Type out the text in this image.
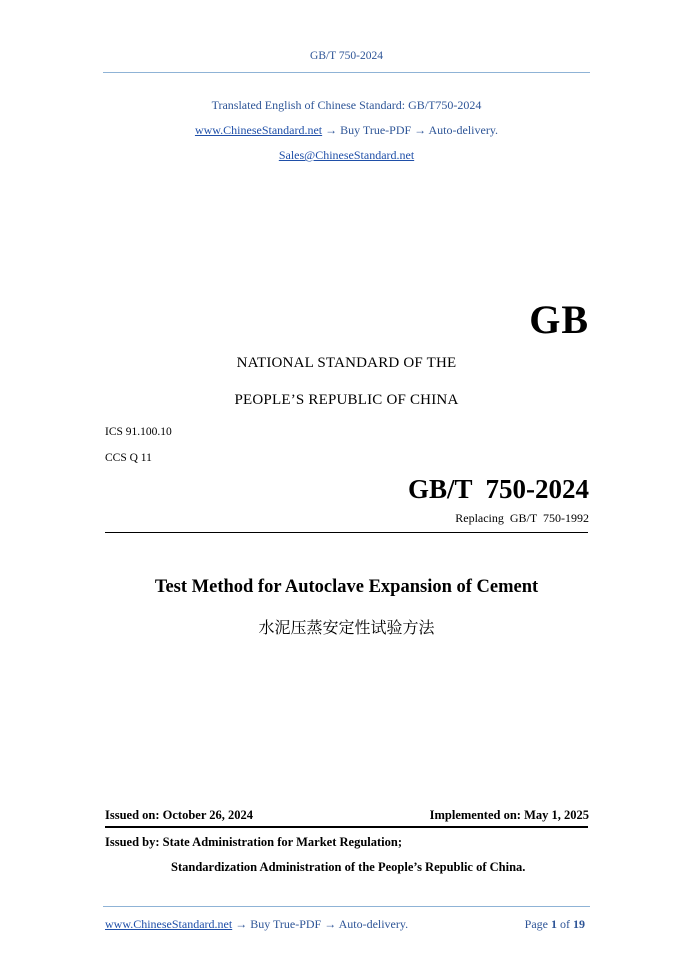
GB/T 750-2024
Translated English of Chinese Standard: GB/T750-2024
www.ChineseStandard.net → Buy True-PDF → Auto-delivery.
Sales@ChineseStandard.net
GB
NATIONAL STANDARD OF THE
PEOPLE’S REPUBLIC OF CHINA
ICS 91.100.10
CCS Q 11
GB/T  750-2024
Replacing  GB/T  750-1992
Test Method for Autoclave Expansion of Cement
水泥压蒸安定性试验方法
Issued on: October 26, 2024	Implemented on: May 1, 2025
Issued by: State Administration for Market Regulation;
Standardization Administration of the People’s Republic of China.
www.ChineseStandard.net → Buy True-PDF → Auto-delivery.	Page 1 of 19
